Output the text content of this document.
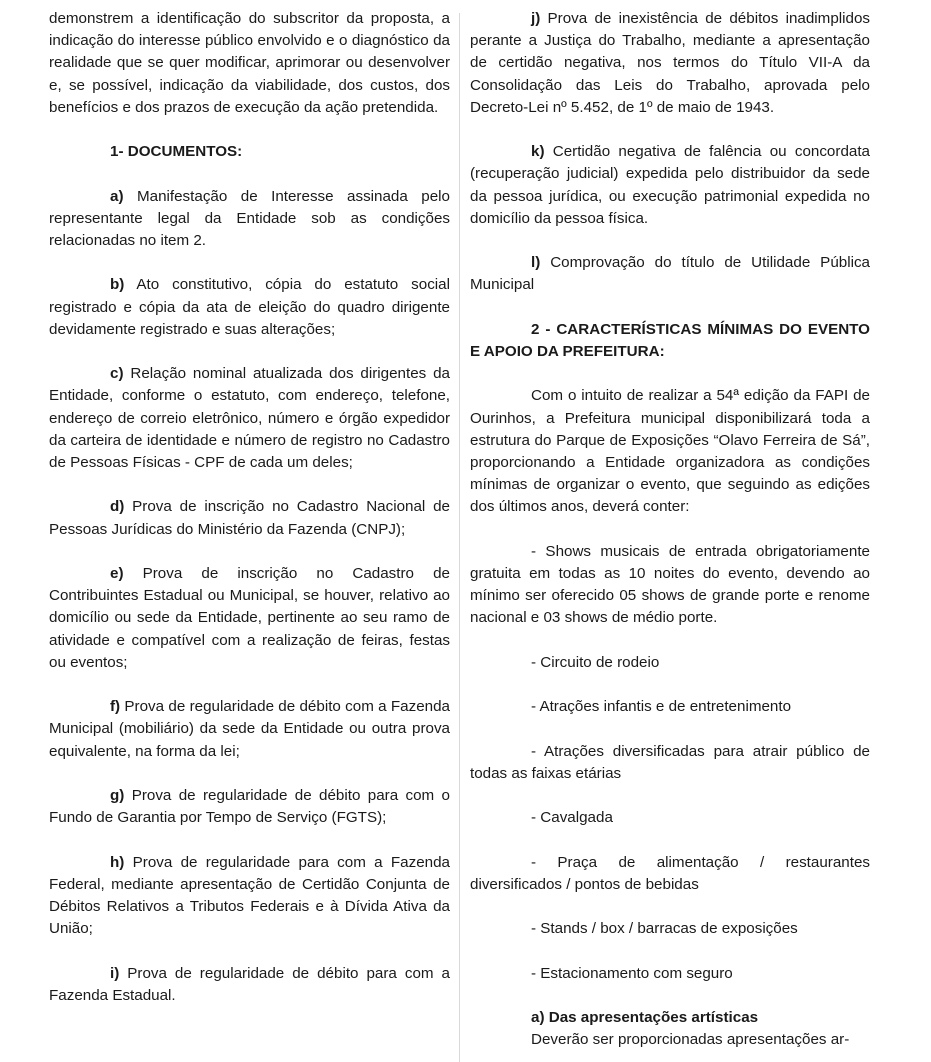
demonstrem a identificação do subscritor da proposta, a indicação do interesse público envolvido e o diagnóstico da realidade que se quer modificar, aprimorar ou desenvolver e, se possível, indicação da viabilidade, dos custos, dos benefícios e dos prazos de execução da ação pretendida.

1- DOCUMENTOS:

a) Manifestação de Interesse assinada pelo representante legal da Entidade sob as condições relacionadas no item 2.

b) Ato constitutivo, cópia do estatuto social registrado e cópia da ata de eleição do quadro dirigente devidamente registrado e suas alterações;

c) Relação nominal atualizada dos dirigentes da Entidade, conforme o estatuto, com endereço, telefone, endereço de correio eletrônico, número e órgão expedidor da carteira de identidade e número de registro no Cadastro de Pessoas Físicas - CPF de cada um deles;

d) Prova de inscrição no Cadastro Nacional de Pessoas Jurídicas do Ministério da Fazenda (CNPJ);

e) Prova de inscrição no Cadastro de Contribuintes Estadual ou Municipal, se houver, relativo ao domicílio ou sede da Entidade, pertinente ao seu ramo de atividade e compatível com a realização de feiras, festas ou eventos;

f) Prova de regularidade de débito com a Fazenda Municipal (mobiliário) da sede da Entidade ou outra prova equivalente, na forma da lei;

g) Prova de regularidade de débito para com o Fundo de Garantia por Tempo de Serviço (FGTS);

h) Prova de regularidade para com a Fazenda Federal, mediante apresentação de Certidão Conjunta de Débitos Relativos a Tributos Federais e à Dívida Ativa da União;

i) Prova de regularidade de débito para com a Fazenda Estadual.

j) Prova de inexistência de débitos inadimplidos perante a Justiça do Trabalho, mediante a apresentação de certidão negativa, nos termos do Título VII-A da Consolidação das Leis do Trabalho, aprovada pelo Decreto-Lei nº 5.452, de 1º de maio de 1943.

k) Certidão negativa de falência ou concordata (recuperação judicial) expedida pelo distribuidor da sede da pessoa jurídica, ou execução patrimonial expedida no domicílio da pessoa física.

l) Comprovação do título de Utilidade Pública Municipal

2 - CARACTERÍSTICAS MÍNIMAS DO EVENTO E APOIO DA PREFEITURA:

Com o intuito de realizar a 54ª edição da FAPI de Ourinhos, a Prefeitura municipal disponibilizará toda a estrutura do Parque de Exposições “Olavo Ferreira de Sá”, proporcionando a Entidade organizadora as condições mínimas de organizar o evento, que seguindo as edições dos últimos anos, deverá conter:

- Shows musicais de entrada obrigatoriamente gratuita em todas as 10 noites do evento, devendo ao mínimo ser oferecido 05 shows de grande porte e renome nacional e 03 shows de médio porte.

- Circuito de rodeio

- Atrações infantis e de entretenimento

- Atrações diversificadas para atrair público de todas as faixas etárias

- Cavalgada

- Praça de alimentação / restaurantes diversificados / pontos de bebidas

- Stands / box / barracas de exposições

- Estacionamento com seguro

a) Das apresentações artísticas

Deverão ser proporcionadas apresentações ar-
